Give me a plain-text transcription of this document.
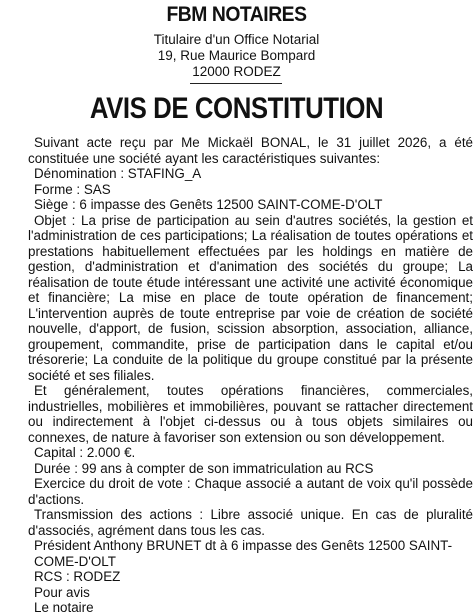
FBM NOTAIRES
Titulaire d'un Office Notarial
19, Rue Maurice Bompard
12000 RODEZ
AVIS DE CONSTITUTION

Suivant acte reçu par Me Mickaël BONAL, le 31 juillet 2026, a été constituée une société ayant les caractéristiques suivantes:

Dénomination : STAFING_A

Forme : SAS

Siège : 6 impasse des Genêts 12500 SAINT-COME-D'OLT

Objet : La prise de participation au sein d'autres sociétés, la gestion et l'administration de ces participations; La réalisation de toutes opérations et prestations habituellement effectuées par les holdings en matière de gestion, d'administration et d'animation des sociétés du groupe; La réalisation de toute étude intéressant une activité une activité économique et financière; La mise en place de toute opération de financement; L'intervention auprès de toute entreprise par voie de création de société nouvelle, d'apport, de fusion, scission absorption, association, alliance, groupement, commandite, prise de participation dans le capital et/ou trésorerie; La conduite de la politique du groupe constitué par la présente société et ses filiales.

Et généralement, toutes opérations financières, commerciales, industrielles, mobilières et immobilières, pouvant se rattacher directement ou indirectement à l'objet ci-dessus ou à tous objets similaires ou connexes, de nature à favoriser son extension ou son développement.

Capital : 2.000 €.

Durée : 99 ans à compter de son immatriculation au RCS

Exercice du droit de vote : Chaque associé a autant de voix qu'il possède d'actions.

Transmission des actions : Libre associé unique. En cas de pluralité d'associés, agrément dans tous les cas.

Président Anthony BRUNET dt à 6 impasse des Genêts 12500 SAINT-COME-D'OLT

RCS : RODEZ

Pour avis

Le notaire
